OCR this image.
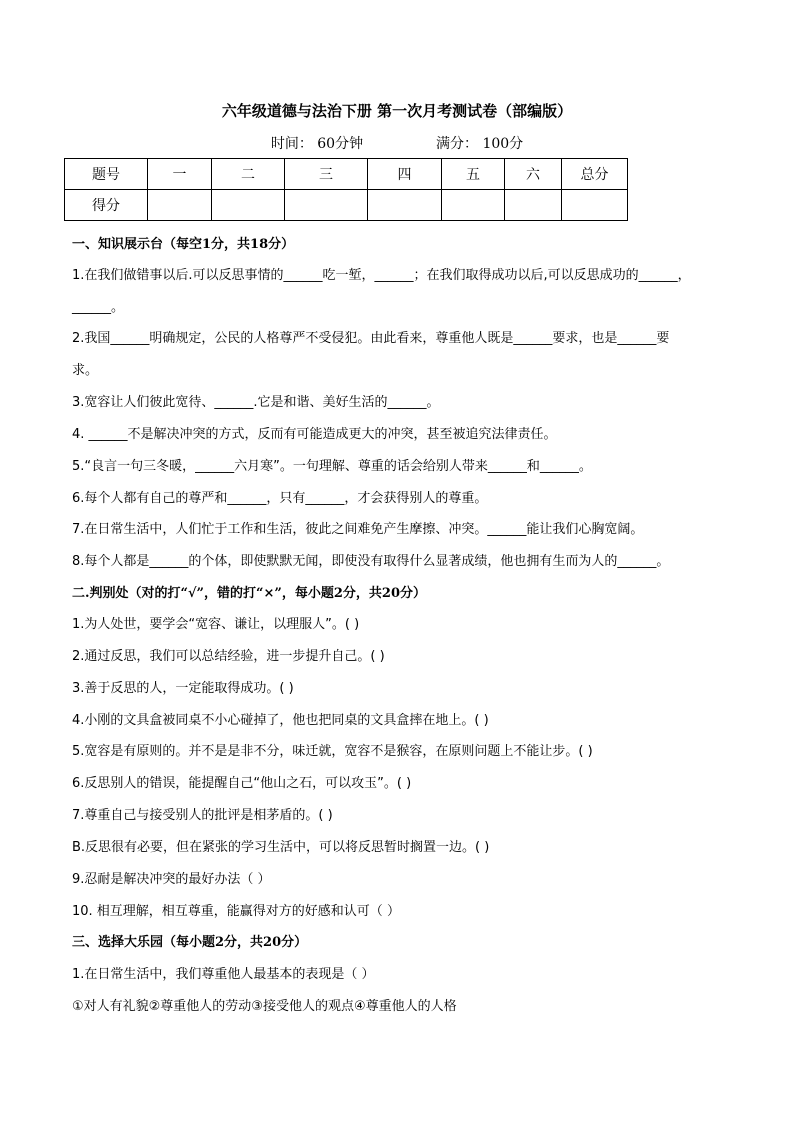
六年级道德与法治下册 第一次月考测试卷（部编版）
时间： 60分钟	满分： 100分
题号	一	二	三	四	五	六	总分
得分							
一、知识展示台（每空1分，共18分）
1.在我们做错事以后.可以反思事情的______吃一堑，______；在我们取得成功以后,可以反思成功的______，
______。
2.我国______明确规定，公民的人格尊严不受侵犯。由此看来，尊重他人既是______要求，也是______要
求。
3.宽容让人们彼此宽待、______.它是和谐、美好生活的______。
4. ______不是解决冲突的方式，反而有可能造成更大的冲突，甚至被追究法律责任。
5.“良言一句三冬暖，______六月寒”。一句理解、尊重的话会给别人带来______和______。
6.每个人都有自己的尊严和______，只有______，才会获得别人的尊重。
7.在日常生活中，人们忙于工作和生活，彼此之间难免产生摩擦、冲突。______能让我们心胸宽阔。
8.每个人都是______的个体，即使默默无闻，即使没有取得什么显著成绩，他也拥有生而为人的______。
二.判别处（对的打“√”，错的打“×”，每小题2分，共20分）
1.为人处世，要学会“宽容、谦让，以理服人”。( )
2.通过反思，我们可以总结经验，进一步提升自己。( )
3.善于反思的人，一定能取得成功。( )
4.小刚的文具盒被同桌不小心碰掉了，他也把同桌的文具盒摔在地上。( )
5.宽容是有原则的。并不是是非不分，味迁就，宽容不是猴容，在原则问题上不能让步。( )
6.反思别人的错误，能提醒自己“他山之石，可以攻玉”。( )
7.尊重自己与接受别人的批评是相茅盾的。( )
B.反思很有必要，但在紧张的学习生活中，可以将反思暂时搁置一边。( )
9.忍耐是解决冲突的最好办法（ ）
10. 相互理解，相互尊重，能赢得对方的好感和认可（ ）
三、选择大乐园（每小题2分，共20分）
1.在日常生活中，我们尊重他人最基本的表现是（ ）
①对人有礼貌②尊重他人的劳动③接受他人的观点④尊重他人的人格
